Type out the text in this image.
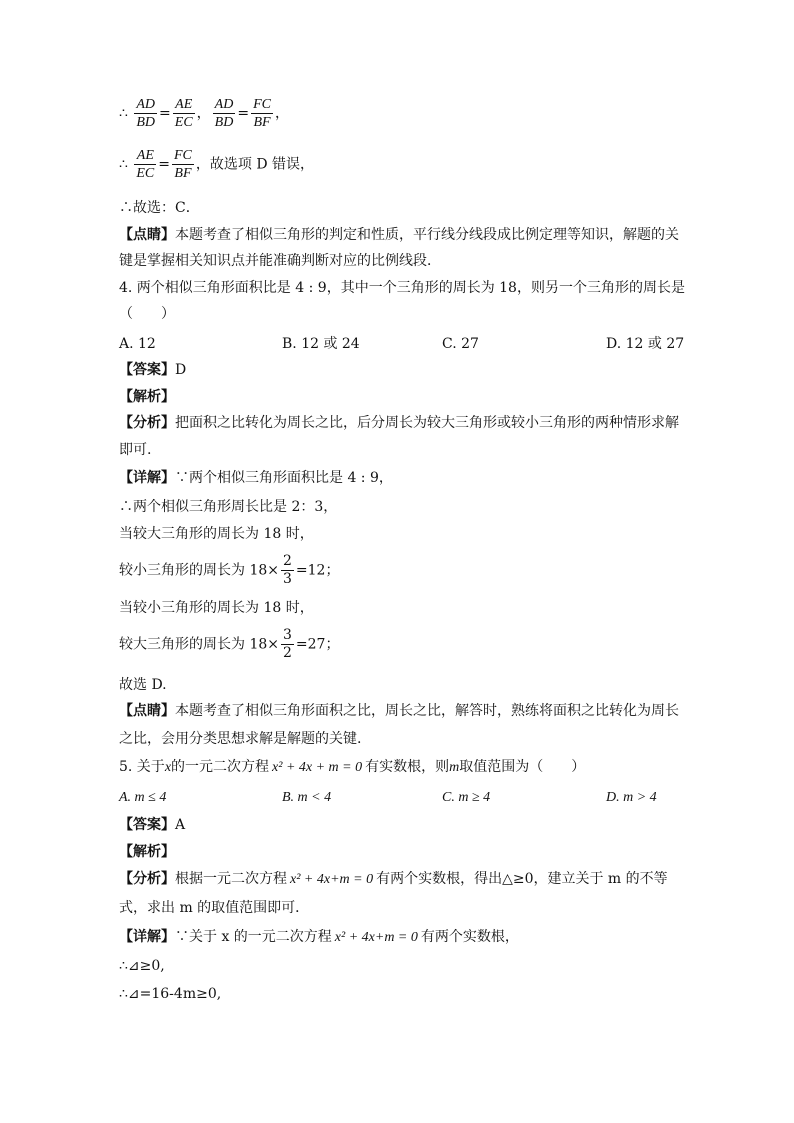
∴ $\frac{AD}{BD} = \frac{AE}{EC}$ ， $\frac{AD}{BD} = \frac{FC}{BF}$ ，
∴ $\frac{AE}{EC} = \frac{FC}{BF}$ ，故选项 D 错误，
∴故选：C．
【点睛】本题考查了相似三角形的判定和性质，平行线分线段成比例定理等知识，解题的关
键是掌握相关知识点并能准确判断对应的比例线段．
4. 两个相似三角形面积比是 4 : 9，其中一个三角形的周长为 18，则另一个三角形的周长是
（　　）
A. 12	B. 12 或 24	C. 27	D. 12 或 27
【答案】D
【解析】
【分析】把面积之比转化为周长之比，后分周长为较大三角形或较小三角形的两种情形求解
即可.
【详解】∵两个相似三角形面积比是 4 : 9，
∴两个相似三角形周长比是 2：3，
当较大三角形的周长为 18 时，
较小三角形的周长为 $18\times \frac{2}{3} =12$；
当较小三角形的周长为 18 时，
较大三角形的周长为 $18\times \frac{3}{2} =27$；
故选 D.
【点睛】本题考查了相似三角形面积之比，周长之比，解答时，熟练将面积之比转化为周长
之比，会用分类思想求解是解题的关键.
5. 关于x的一元二次方程 x² + 4x + m = 0 有实数根，则m取值范围为（　　）
A. m ≤ 4	B. m < 4	C. m ≥ 4	D. m > 4
【答案】A
【解析】
【分析】根据一元二次方程 x² + 4x+m = 0 有两个实数根，得出△≥0，建立关于 m 的不等
式，求出 m 的取值范围即可．
【详解】∵关于 x 的一元二次方程 x² + 4x+m = 0 有两个实数根，
∴⊿≥0,
∴⊿=16-4m≥0,
